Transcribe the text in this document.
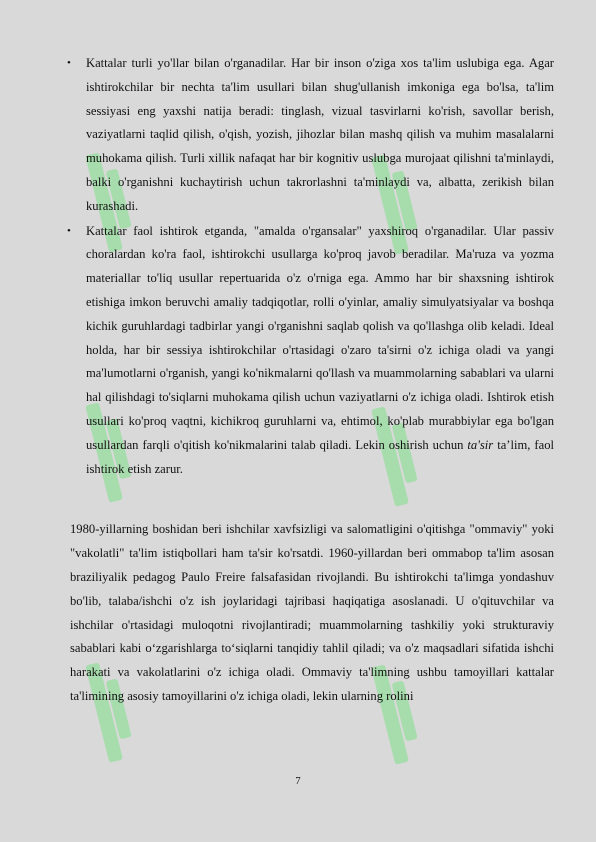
• Kattalar turli yo'llar bilan o'rganadilar. Har bir inson o'ziga xos ta'lim uslubiga ega. Agar ishtirokchilar bir nechta ta'lim usullari bilan shug'ullanish imkoniga ega bo'lsa, ta'lim sessiyasi eng yaxshi natija beradi: tinglash, vizual tasvirlarni ko'rish, savollar berish, vaziyatlarni taqlid qilish, o'qish, yozish, jihozlar bilan mashq qilish va muhim masalalarni muhokama qilish. Turli xillik nafaqat har bir kognitiv uslubga murojaat qilishni ta'minlaydi, balki o'rganishni kuchaytirish uchun takrorlashni ta'minlaydi va, albatta, zerikish bilan kurashadi.
• Kattalar faol ishtirok etganda, "amalda o'rgansalar" yaxshiroq o'rganadilar. Ular passiv choralardan ko'ra faol, ishtirokchi usullarga ko'proq javob beradilar. Ma'ruza va yozma materiallar to'liq usullar repertuarida o'z o'rniga ega. Ammo har bir shaxsning ishtirok etishiga imkon beruvchi amaliy tadqiqotlar, rolli o'yinlar, amaliy simulyatsiyalar va boshqa kichik guruhlardagi tadbirlar yangi o'rganishni saqlab qolish va qo'llashga olib keladi. Ideal holda, har bir sessiya ishtirokchilar o'rtasidagi o'zaro ta'sirni o'z ichiga oladi va yangi ma'lumotlarni o'rganish, yangi ko'nikmalarni qo'llash va muammolarning sabablari va ularni hal qilishdagi to'siqlarni muhokama qilish uchun vaziyatlarni o'z ichiga oladi. Ishtirok etish usullari ko'proq vaqtni, kichikroq guruhlarni va, ehtimol, ko'plab murabbiylar ega bo'lgan usullardan farqli o'qitish ko'nikmalarini talab qiladi. Lekin oshirish uchun ta'sir ta’lim, faol ishtirok etish zarur.

1980-yillarning boshidan beri ishchilar xavfsizligi va salomatligini o'qitishga "ommaviy" yoki "vakolatli" ta'lim istiqbollari ham ta'sir ko'rsatdi. 1960-yillardan beri ommabop ta'lim asosan braziliyalik pedagog Paulo Freire falsafasidan rivojlandi. Bu ishtirokchi ta'limga yondashuv bo'lib, talaba/ishchi o'z ish joylaridagi tajribasi haqiqatiga asoslanadi. U o'qituvchilar va ishchilar o'rtasidagi muloqotni rivojlantiradi; muammolarning tashkiliy yoki strukturaviy sabablari kabi o‘zgarishlarga to‘siqlarni tanqidiy tahlil qiladi; va o'z maqsadlari sifatida ishchi harakati va vakolatlarini o'z ichiga oladi. Ommaviy ta'limning ushbu tamoyillari kattalar ta'limining asosiy tamoyillarini o'z ichiga oladi, lekin ularning rolini

7
